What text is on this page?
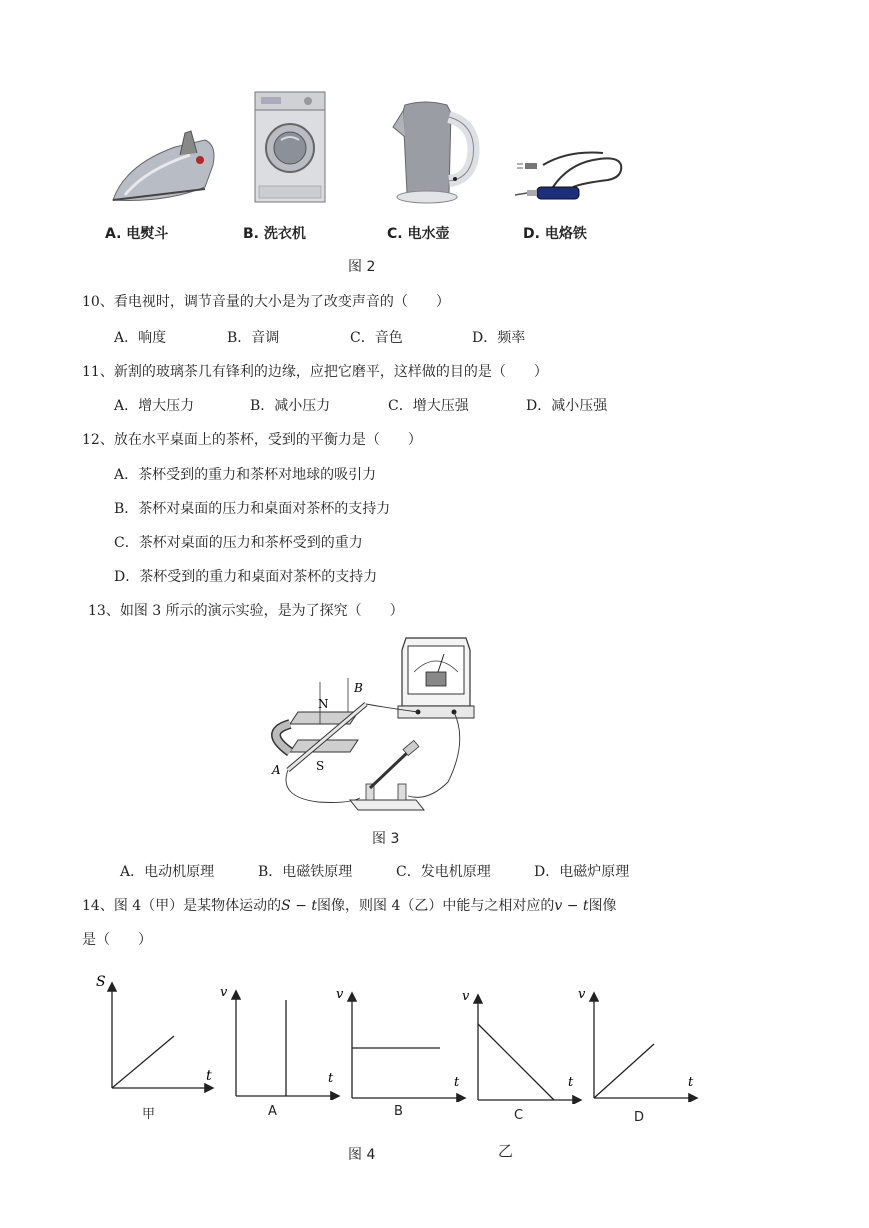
A. 电熨斗	B. 洗衣机	C. 电水壶	D. 电烙铁
图 2
10、看电视时，调节音量的大小是为了改变声音的（　　）
A．响度	B．音调	C．音色	D．频率
11、新割的玻璃茶几有锋利的边缘，应把它磨平，这样做的目的是（　　）
A．增大压力	B．减小压力	C．增大压强	D．减小压强
12、放在水平桌面上的茶杯，受到的平衡力是（　　）
A．茶杯受到的重力和茶杯对地球的吸引力
B．茶杯对桌面的压力和桌面对茶杯的支持力
C．茶杯对桌面的压力和茶杯受到的重力
D．茶杯受到的重力和桌面对茶杯的支持力
13、如图 3 所示的演示实验，是为了探究（　　）
N
S
A
B
图 3
A．电动机原理	B．电磁铁原理	C．发电机原理	D．电磁炉原理
14、图 4（甲）是某物体运动的S − t图像，则图 4（乙）中能与之相对应的v − t图像
是（　　）
S
t
甲
v
t
A
v
t
B
v
t
C
v
t
D
图 4	乙
